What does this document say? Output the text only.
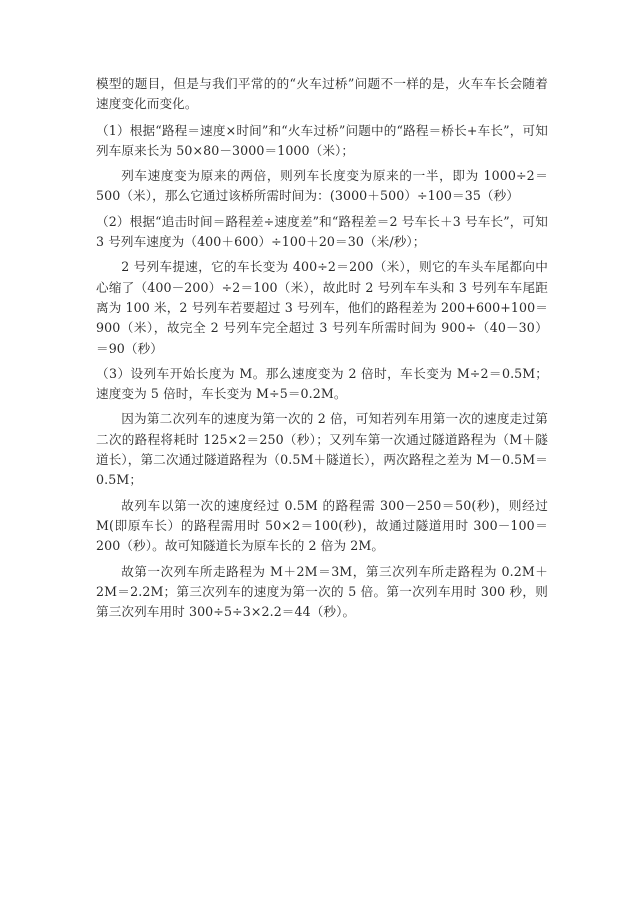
模型的题目，但是与我们平常的的“火车过桥”问题不一样的是，火车车长会随着速度变化而变化。

（1）根据“路程＝速度×时间”和“火车过桥”问题中的“路程＝桥长+车长”，可知列车原来长为 50×80－3000＝1000（米）；

列车速度变为原来的两倍，则列车长度变为原来的一半，即为 1000÷2＝500（米），那么它通过该桥所需时间为：(3000＋500）÷100＝35（秒）

（2）根据“追击时间＝路程差÷速度差”和“路程差＝2 号车长＋3 号车长”，可知 3 号列车速度为（400＋600）÷100＋20＝30（米/秒）；

2 号列车提速，它的车长变为 400÷2＝200（米），则它的车头车尾都向中心缩了（400－200）÷2＝100（米），故此时 2 号列车车头和 3 号列车车尾距离为 100 米，2 号列车若要超过 3 号列车，他们的路程差为 200+600+100＝900（米），故完全 2 号列车完全超过 3 号列车所需时间为 900÷（40－30）＝90（秒）

（3）设列车开始长度为 M。那么速度变为 2 倍时，车长变为 M÷2＝0.5M；速度变为 5 倍时，车长变为 M÷5＝0.2M。

因为第二次列车的速度为第一次的 2 倍，可知若列车用第一次的速度走过第二次的路程将耗时 125×2＝250（秒）；又列车第一次通过隧道路程为（M＋隧道长），第二次通过隧道路程为（0.5M＋隧道长），两次路程之差为 M－0.5M＝0.5M；

故列车以第一次的速度经过 0.5M 的路程需 300－250＝50(秒)，则经过 M(即原车长）的路程需用时 50×2＝100(秒)，故通过隧道用时 300－100＝200（秒）。故可知隧道长为原车长的 2 倍为 2M。

故第一次列车所走路程为 M＋2M＝3M，第三次列车所走路程为 0.2M＋2M＝2.2M；第三次列车的速度为第一次的 5 倍。第一次列车用时 300 秒，则第三次列车用时 300÷5÷3×2.2＝44（秒）。
